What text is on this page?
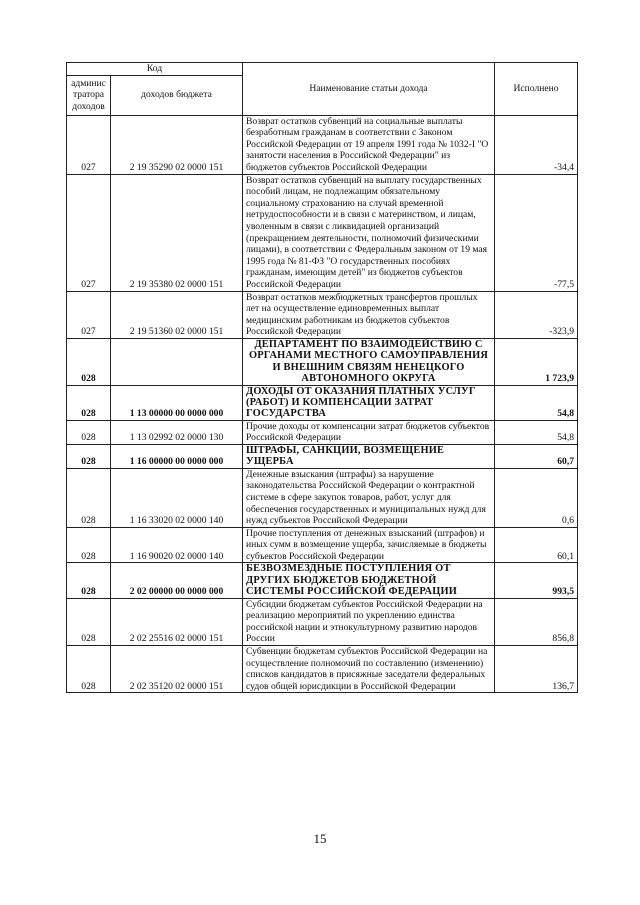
Код		Наименование статьи дохода	Исполнено
админис тратора доходов	доходов бюджета		
027	2 19 35290 02 0000 151	Возврат остатков субвенций на социальные выплаты безработным гражданам в соответствии с Законом Российской Федерации от 19 апреля 1991 года № 1032-I "О занятости населения в Российской Федерации" из бюджетов субъектов Российской Федерации	-34,4
027	2 19 35380 02 0000 151	Возврат остатков субвенций на выплату государственных пособий лицам, не подлежащим обязательному социальному страхованию на случай временной нетрудоспособности и в связи с материнством, и лицам, уволенным в связи с ликвидацией организаций (прекращением деятельности, полномочий физическими лицами), в соответствии с Федеральным законом от 19 мая 1995 года № 81-ФЗ "О государственных пособиях гражданам, имеющим детей" из бюджетов субъектов Российской Федерации	-77,5
027	2 19 51360 02 0000 151	Возврат остатков межбюджетных трансфертов прошлых лет на осуществление единовременных выплат медицинским работникам из бюджетов субъектов Российской Федерации	-323,9
028		ДЕПАРТАМЕНТ ПО ВЗАИМОДЕЙСТВИЮ С ОРГАНАМИ МЕСТНОГО САМОУПРАВЛЕНИЯ И ВНЕШНИМ СВЯЗЯМ НЕНЕЦКОГО АВТОНОМНОГО ОКРУГА	1 723,9
028	1 13 00000 00 0000 000	ДОХОДЫ ОТ ОКАЗАНИЯ ПЛАТНЫХ УСЛУГ (РАБОТ) И КОМПЕНСАЦИИ ЗАТРАТ ГОСУДАРСТВА	54,8
028	1 13 02992 02 0000 130	Прочие доходы от компенсации затрат бюджетов субъектов Российской Федерации	54,8
028	1 16 00000 00 0000 000	ШТРАФЫ, САНКЦИИ, ВОЗМЕЩЕНИЕ УЩЕРБА	60,7
028	1 16 33020 02 0000 140	Денежные взыскания (штрафы) за нарушение законодательства Российской Федерации о контрактной системе в сфере закупок товаров, работ, услуг для обеспечения государственных и муниципальных нужд для нужд субъектов Российской Федерации	0,6
028	1 16 90020 02 0000 140	Прочие поступления от денежных взысканий (штрафов) и иных сумм в возмещение ущерба, зачисляемые в бюджеты субъектов Российской Федерации	60,1
028	2 02 00000 00 0000 000	БЕЗВОЗМЕЗДНЫЕ ПОСТУПЛЕНИЯ ОТ ДРУГИХ БЮДЖЕТОВ БЮДЖЕТНОЙ СИСТЕМЫ РОССИЙСКОЙ ФЕДЕРАЦИИ	993,5
028	2 02 25516 02 0000 151	Субсидии бюджетам субъектов Российской Федерации на реализацию мероприятий по укреплению единства российской нации и этнокультурному развитию народов России	856,8
028	2 02 35120 02 0000 151	Субвенции бюджетам субъектов Российской Федерации на осуществление полномочий по составлению (изменению) списков кандидатов в присяжные заседатели федеральных судов общей юрисдикции в Российской Федерации	136,7
15
